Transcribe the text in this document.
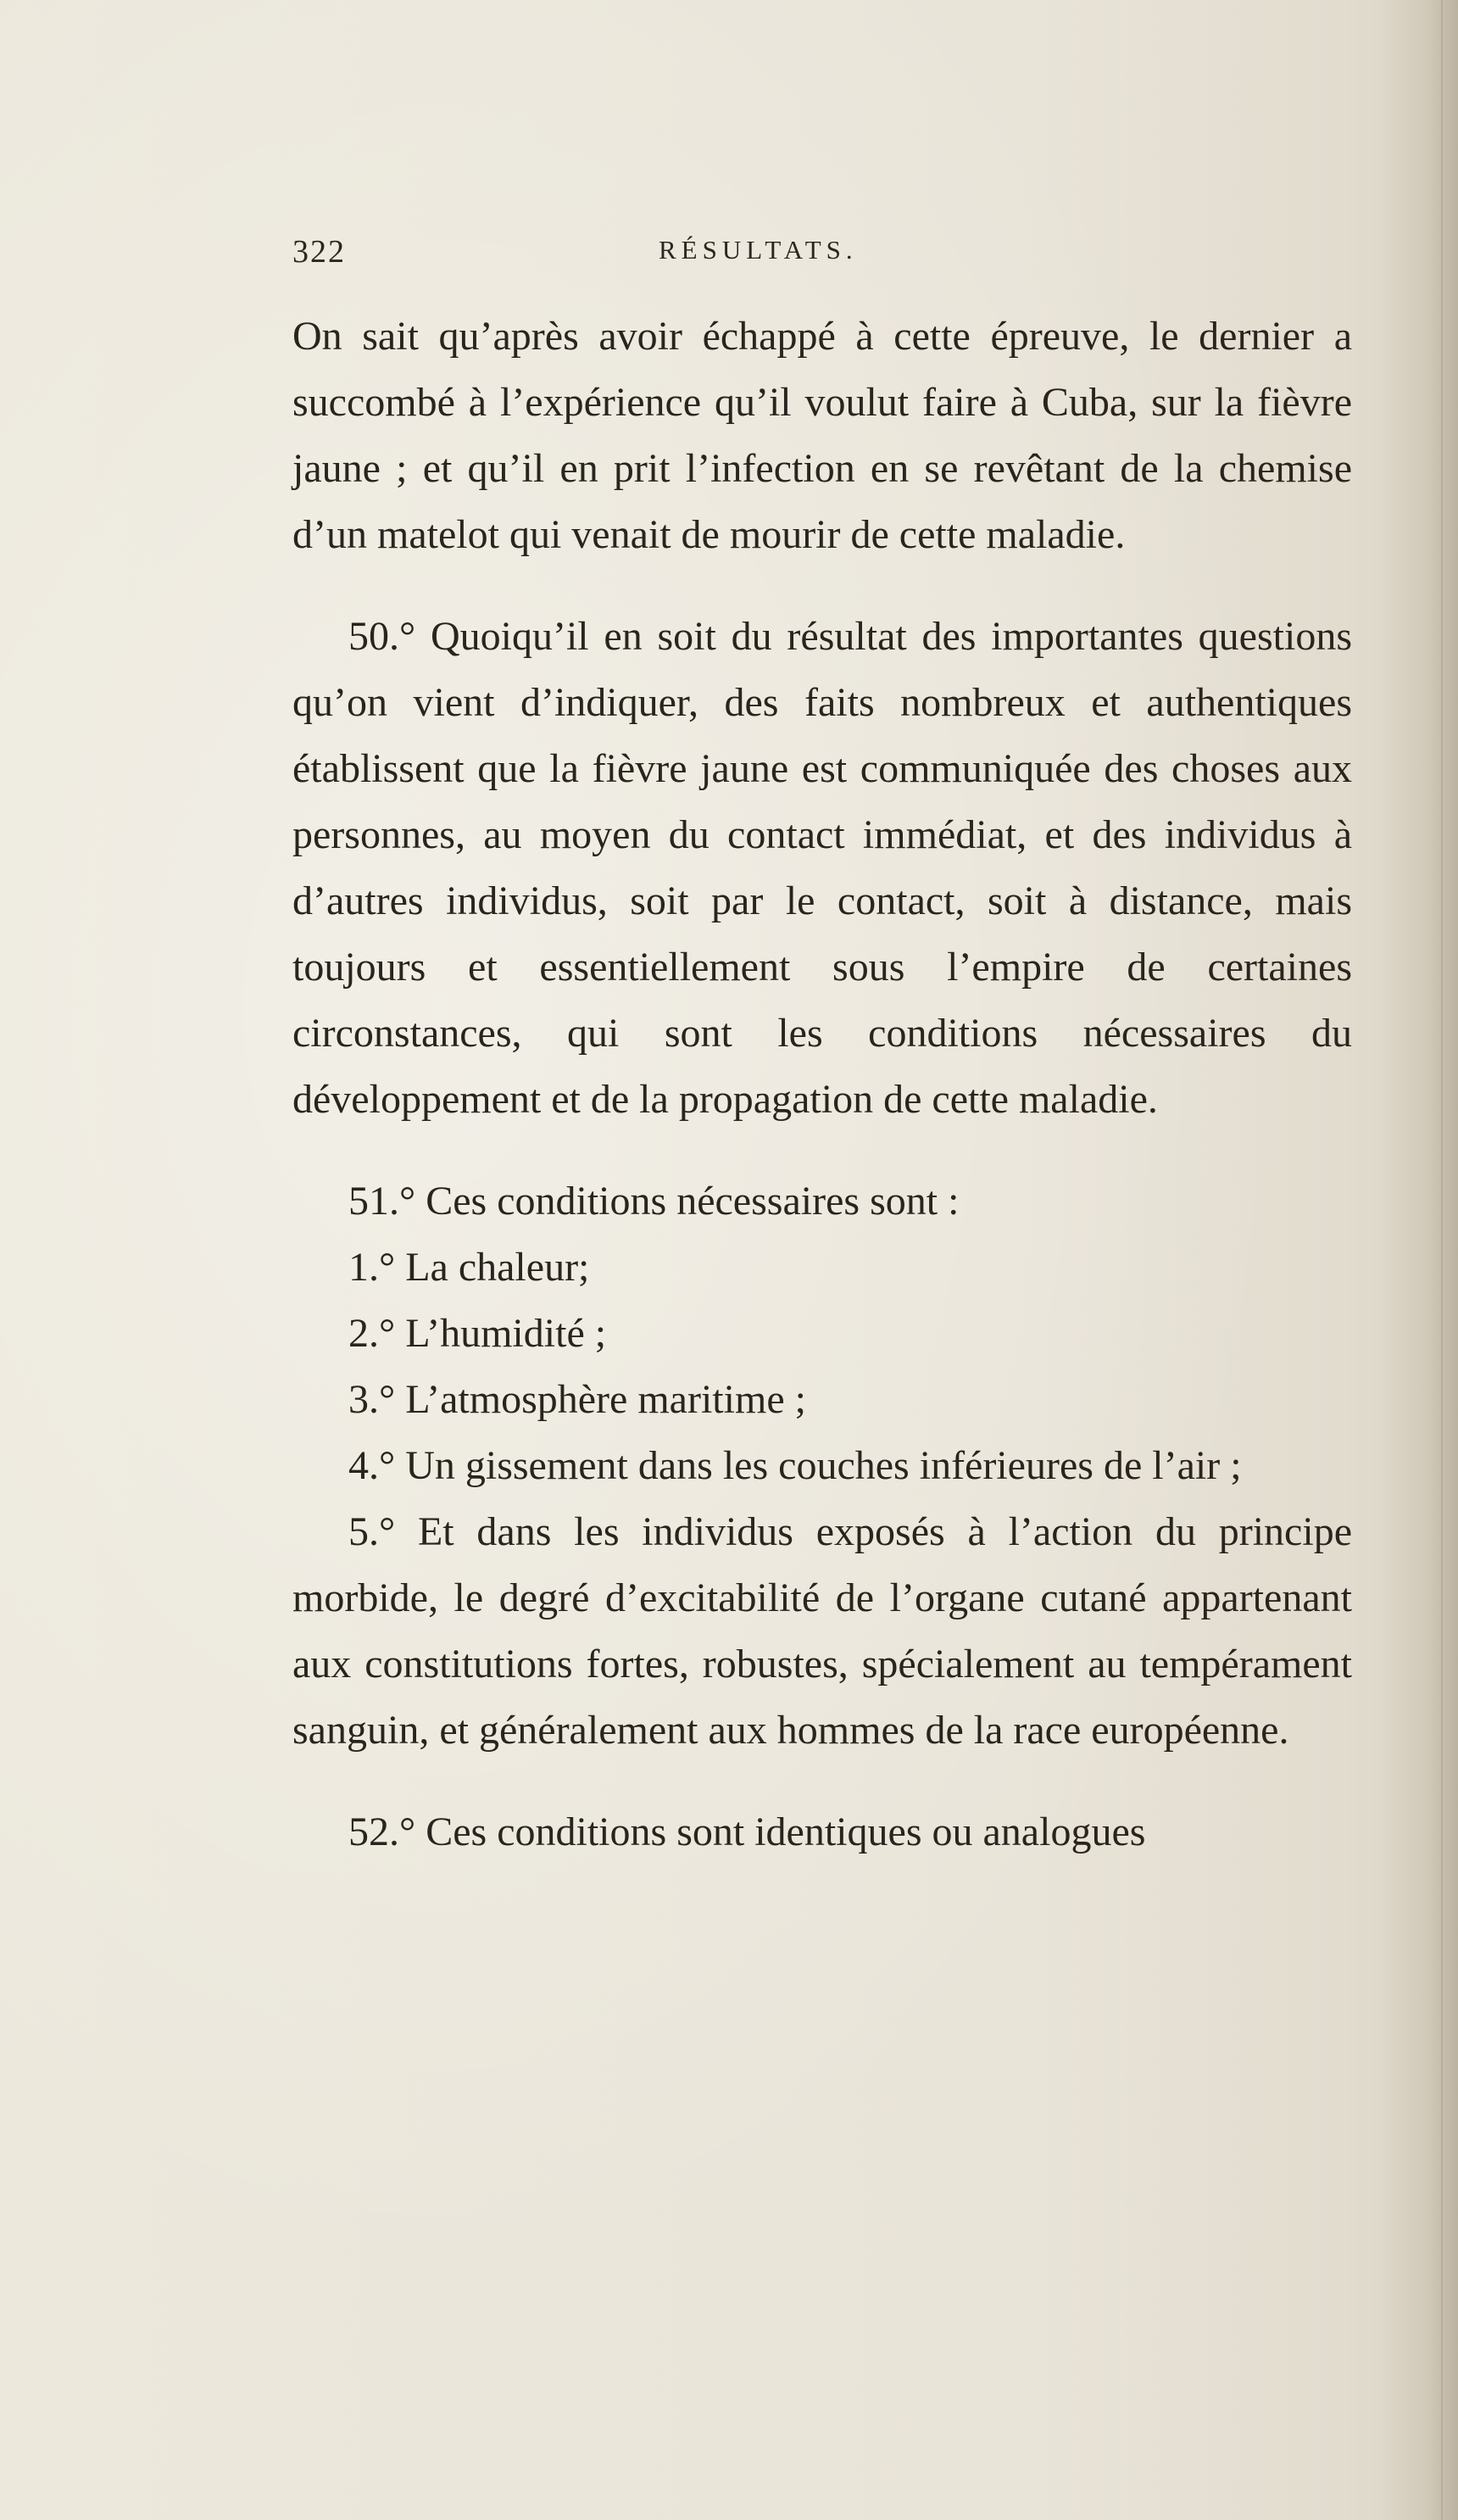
322	RÉSULTATS.

On sait qu’après avoir échappé à cette épreuve, le dernier a succombé à l’expérience qu’il voulut faire à Cuba, sur la fièvre jaune ; et qu’il en prit l’infection en se revêtant de la chemise d’un matelot qui venait de mourir de cette maladie.

50.° Quoiqu’il en soit du résultat des importantes questions qu’on vient d’indiquer, des faits nombreux et authentiques établissent que la fièvre jaune est communiquée des choses aux personnes, au moyen du contact immédiat, et des individus à d’autres individus, soit par le contact, soit à distance, mais toujours et essentiellement sous l’empire de certaines circonstances, qui sont les conditions nécessaires du développement et de la propagation de cette maladie.

51.° Ces conditions nécessaires sont :

1.° La chaleur;
2.° L’humidité ;
3.° L’atmosphère maritime ;
4.° Un gissement dans les couches inférieures de l’air ;
5.° Et dans les individus exposés à l’action du principe morbide, le degré d’excitabilité de l’organe cutané appartenant aux constitutions fortes, robustes, spécialement au tempérament sanguin, et généralement aux hommes de la race européenne.

52.° Ces conditions sont identiques ou analogues
